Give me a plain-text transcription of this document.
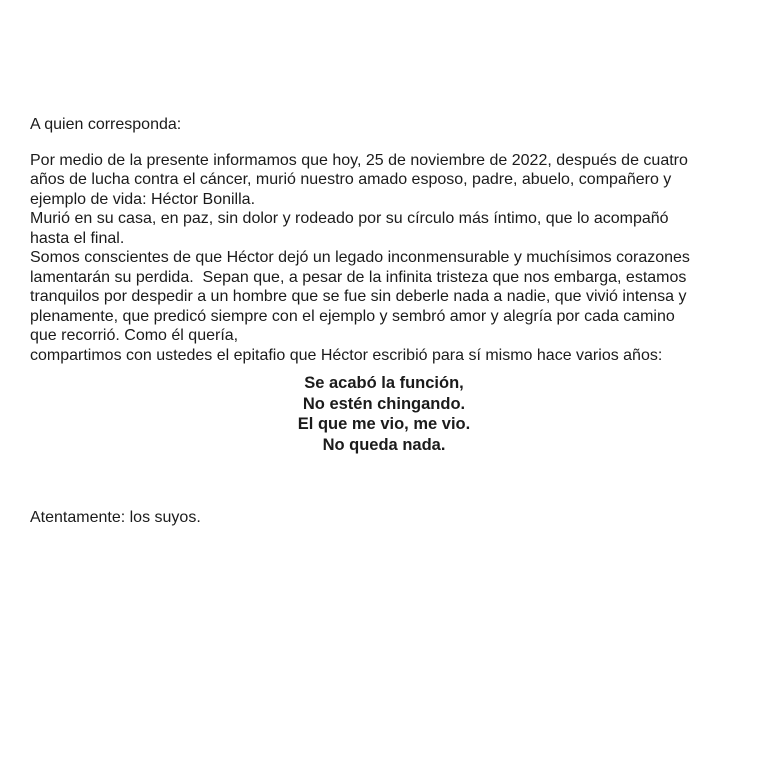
A quien corresponda:
Por medio de la presente informamos que hoy, 25 de noviembre de 2022, después de cuatro
años de lucha contra el cáncer, murió nuestro amado esposo, padre, abuelo, compañero y
ejemplo de vida: Héctor Bonilla.
Murió en su casa, en paz, sin dolor y rodeado por su círculo más íntimo, que lo acompañó
hasta el final.
Somos conscientes de que Héctor dejó un legado inconmensurable y muchísimos corazones
lamentarán su perdida.  Sepan que, a pesar de la infinita tristeza que nos embarga, estamos
tranquilos por despedir a un hombre que se fue sin deberle nada a nadie, que vivió intensa y
plenamente, que predicó siempre con el ejemplo y sembró amor y alegría por cada camino
que recorrió. Como él quería,
compartimos con ustedes el epitafio que Héctor escribió para sí mismo hace varios años:
Se acabó la función,
No estén chingando.
El que me vio, me vio.
No queda nada.
Atentamente: los suyos.
